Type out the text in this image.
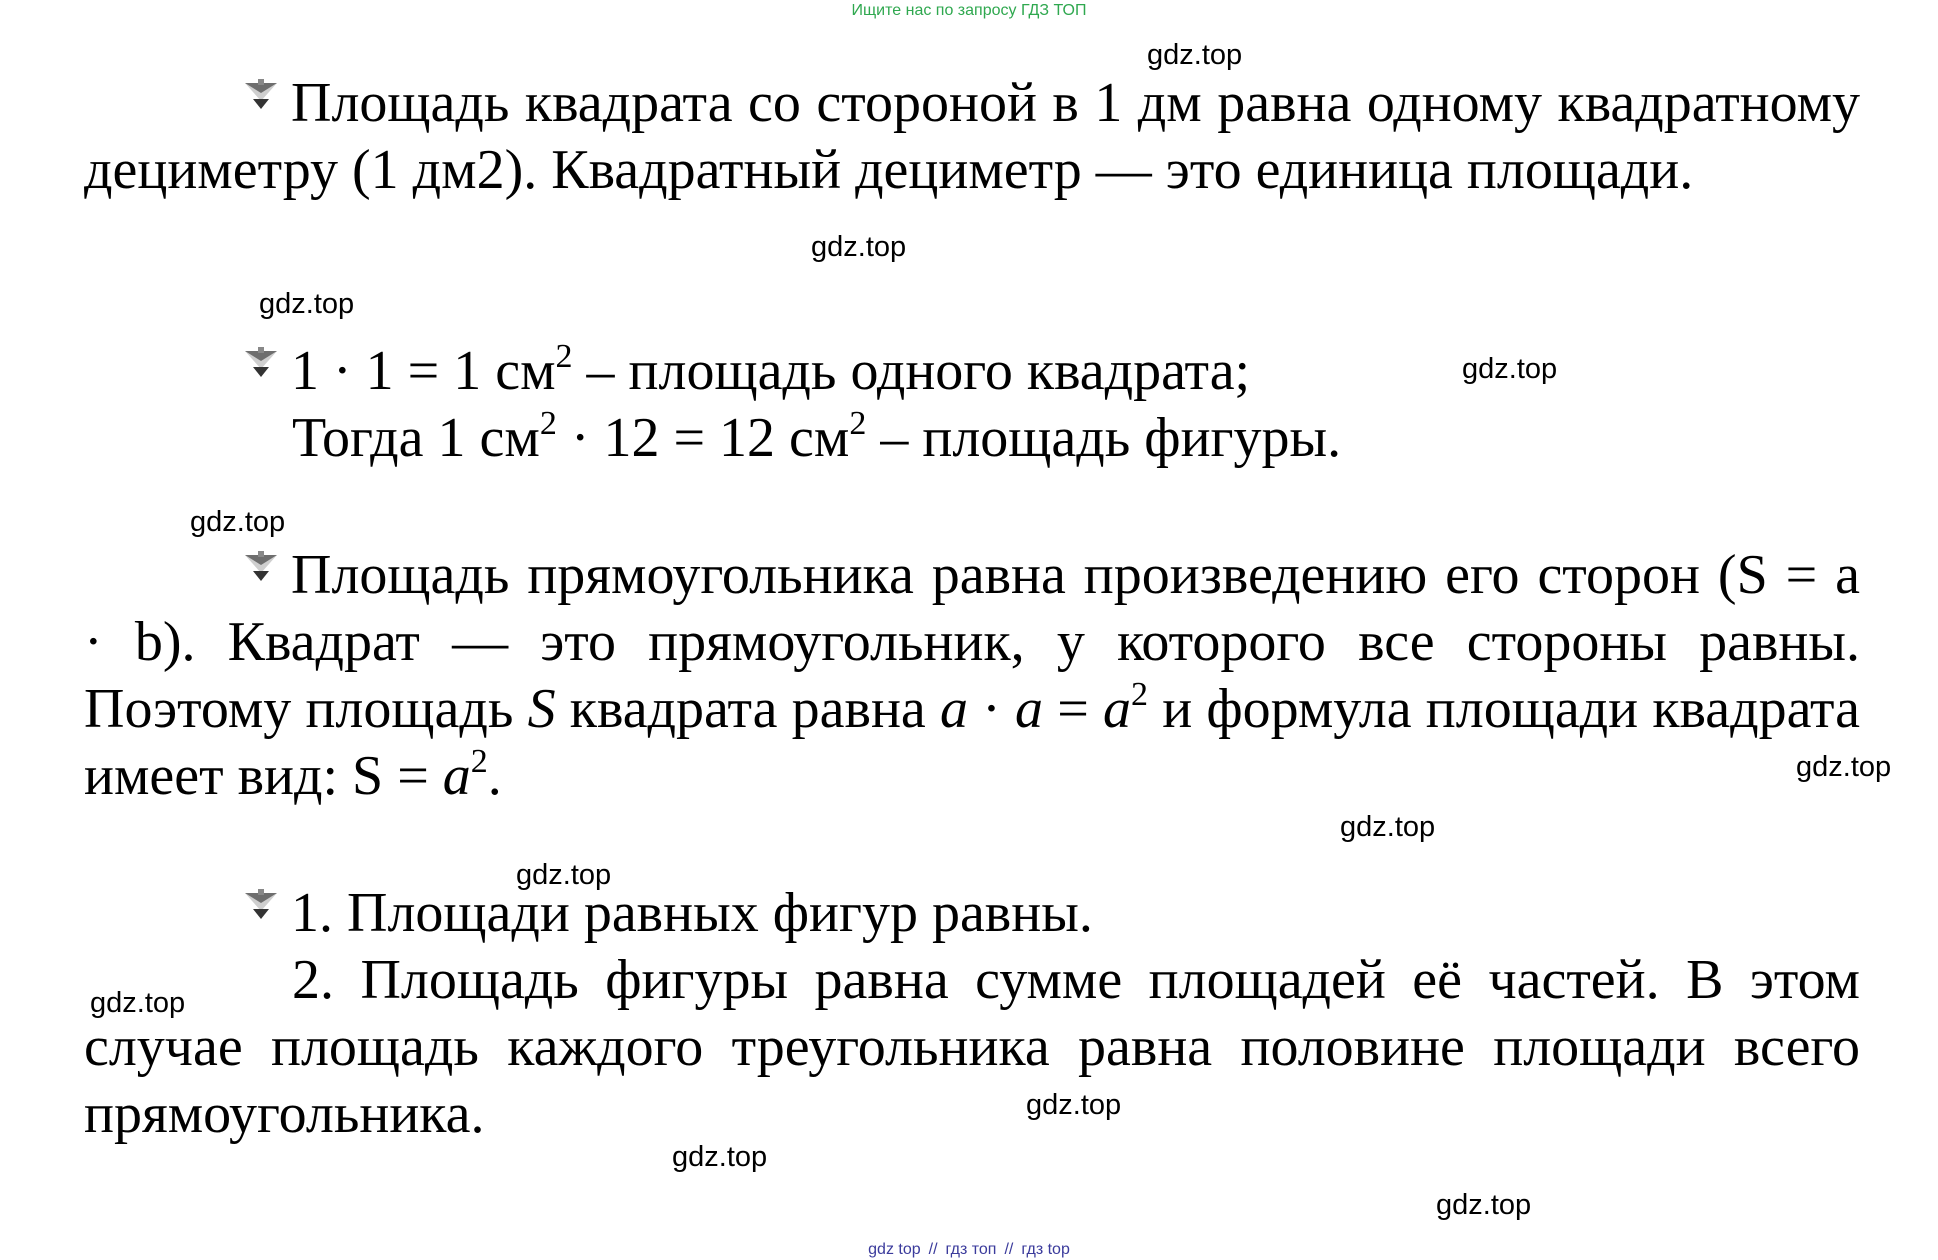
Ищите нас по запросу ГДЗ ТОП

Площадь квадрата со стороной в 1 дм равна одному квадратному дециметру (1 дм2). Квадратный дециметр — это единица площади.

1 · 1 = 1 $см^2$ – площадь одного квадрата;
Тогда 1 $см^2 \cdot 12 = 12$ $см^2$ – площадь фигуры.

Площадь прямоугольника равна произведению его сторон (S = a · b). Квадрат — это прямоугольник, у которого все стороны равны. Поэтому площадь S квадрата равна $a \cdot a = a^2$ и формула площади квадрата имеет вид: $S = a^2$.

1. Площади равных фигур равны.

2. Площадь фигуры равна сумме площадей её частей. В этом случае площадь каждого треугольника равна половине площади всего прямоугольника.

gdz.top
gdz.top
gdz.top
gdz.top
gdz.top
gdz.top
gdz.top
gdz.top
gdz.top
gdz.top
gdz.top
gdz.top
gdz top // гдз топ // гдз top
